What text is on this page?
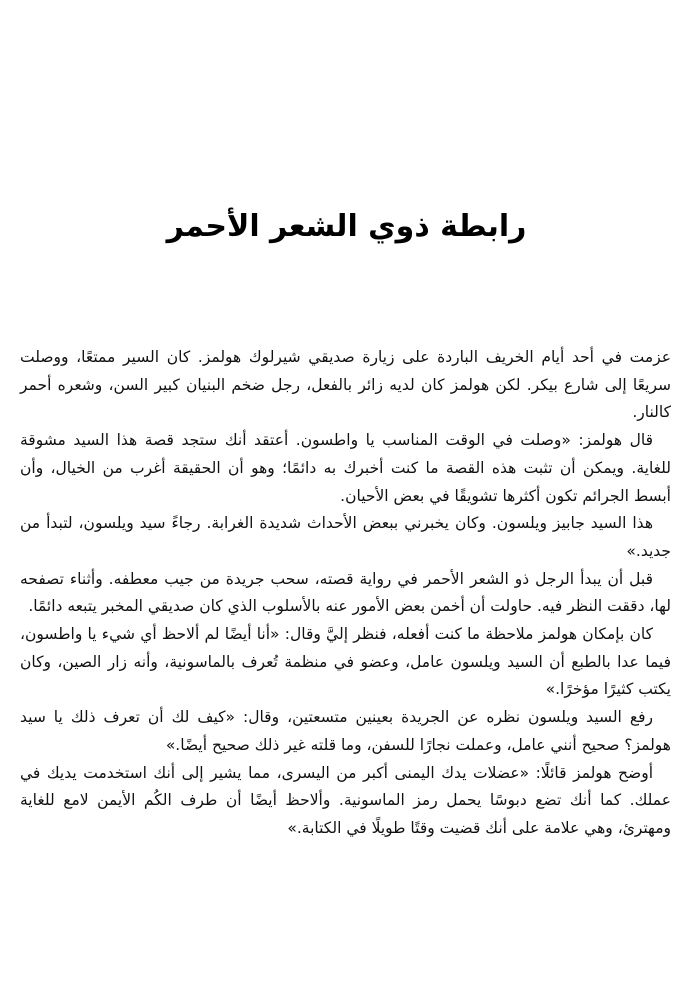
رابطة ذوي الشعر الأحمر

عزمت في أحد أيام الخريف الباردة على زيارة صديقي شيرلوك هولمز. كان السير ممتعًا، ووصلت سريعًا إلى شارع بيكر. لكن هولمز كان لديه زائر بالفعل، رجل ضخم البنيان كبير السن، وشعره أحمر كالنار.

قال هولمز: «وصلت في الوقت المناسب يا واطسون. أعتقد أنك ستجد قصة هذا السيد مشوقة للغاية. ويمكن أن تثبت هذه القصة ما كنت أخبرك به دائمًا؛ وهو أن الحقيقة أغرب من الخيال، وأن أبسط الجرائم تكون أكثرها تشويقًا في بعض الأحيان.

هذا السيد جابيز ويلسون. وكان يخبرني ببعض الأحداث شديدة الغرابة. رجاءً سيد ويلسون، لتبدأ من جديد.»

قبل أن يبدأ الرجل ذو الشعر الأحمر في رواية قصته، سحب جريدة من جيب معطفه. وأثناء تصفحه لها، دققت النظر فيه. حاولت أن أخمن بعض الأمور عنه بالأسلوب الذي كان صديقي المخبر يتبعه دائمًا.

كان بإمكان هولمز ملاحظة ما كنت أفعله، فنظر إليَّ وقال: «أنا أيضًا لم ألاحظ أي شيء يا واطسون، فيما عدا بالطبع أن السيد ويلسون عامل، وعضو في منظمة تُعرف بالماسونية، وأنه زار الصين، وكان يكتب كثيرًا مؤخرًا.»

رفع السيد ويلسون نظره عن الجريدة بعينين متسعتين، وقال: «كيف لك أن تعرف ذلك يا سيد هولمز؟ صحيح أنني عامل، وعملت نجارًا للسفن، وما قلته غير ذلك صحيح أيضًا.»

أوضح هولمز قائلًا: «عضلات يدك اليمنى أكبر من اليسرى، مما يشير إلى أنك استخدمت يديك في عملك. كما أنك تضع دبوسًا يحمل رمز الماسونية. وألاحظ أيضًا أن طرف الكُم الأيمن لامع للغاية ومهترئ، وهي علامة على أنك قضيت وقتًا طويلًا في الكتابة.»
